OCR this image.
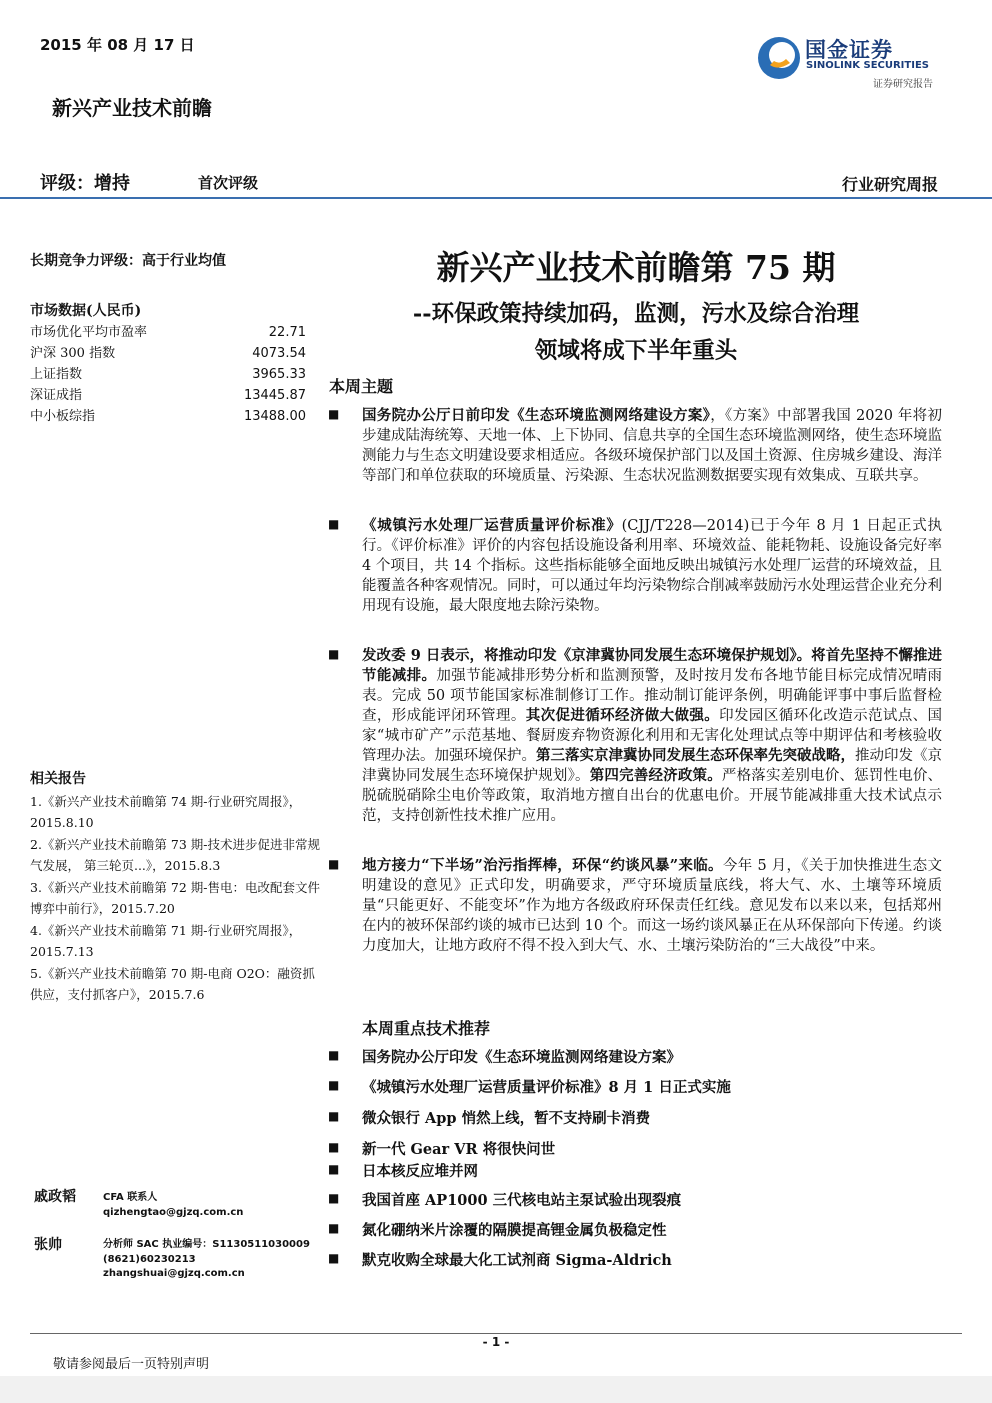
2015 年 08 月 17 日	国金证券
SINOLINK SECURITIES
证券研究报告
新兴产业技术前瞻
评级：增持	首次评级	行业研究周报
长期竞争力评级：高于行业均值
市场数据(人民币)
市场优化平均市盈率	22.71
沪深 300 指数	4073.54
上证指数	3965.33
深证成指	13445.87
中小板综指	13488.00
相关报告
1.《新兴产业技术前瞻第 74 期-行业研究周报》，2015.8.10
2.《新兴产业技术前瞻第 73 期-技术进步促进非常规气发展， 第三轮页...》，2015.8.3
3.《新兴产业技术前瞻第 72 期-售电：电改配套文件博弈中前行》，2015.7.20
4.《新兴产业技术前瞻第 71 期-行业研究周报》，2015.7.13
5.《新兴产业技术前瞻第 70 期-电商 O2O：融资抓供应，支付抓客户》，2015.7.6
戚政韬	CFA 联系人
qizhengtao@gjzq.com.cn
张帅	分析师 SAC 执业编号：S1130511030009
(8621)60230213
zhangshuai@gjzq.com.cn
新兴产业技术前瞻第 75 期
--环保政策持续加码，监测，污水及综合治理
领域将成下半年重头
本周主题
■ 国务院办公厅日前印发《生态环境监测网络建设方案》，《方案》中部署我国 2020 年将初步建成陆海统筹、天地一体、上下协同、信息共享的全国生态环境监测网络，使生态环境监测能力与生态文明建设要求相适应。各级环境保护部门以及国土资源、住房城乡建设、海洋等部门和单位获取的环境质量、污染源、生态状况监测数据要实现有效集成、互联共享。
■ 《城镇污水处理厂运营质量评价标准》(CJJ/T228—2014)已于今年 8 月 1 日起正式执行。《评价标准》评价的内容包括设施设备利用率、环境效益、能耗物耗、设施设备完好率 4 个项目，共 14 个指标。这些指标能够全面地反映出城镇污水处理厂运营的环境效益，且能覆盖各种客观情况。同时，可以通过年均污染物综合削减率鼓励污水处理运营企业充分利用现有设施，最大限度地去除污染物。
■ 发改委 9 日表示，将推动印发《京津冀协同发展生态环境保护规划》。将首先坚持不懈推进节能减排。加强节能减排形势分析和监测预警，及时按月发布各地节能目标完成情况晴雨表。完成 50 项节能国家标准制修订工作。推动制订能评条例，明确能评事中事后监督检查，形成能评闭环管理。其次促进循环经济做大做强。印发园区循环化改造示范试点、国家“城市矿产”示范基地、餐厨废弃物资源化利用和无害化处理试点等中期评估和考核验收管理办法。加强环境保护。第三落实京津冀协同发展生态环保率先突破战略，推动印发《京津冀协同发展生态环境保护规划》。第四完善经济政策。严格落实差别电价、惩罚性电价、脱硫脱硝除尘电价等政策，取消地方擅自出台的优惠电价。开展节能减排重大技术试点示范，支持创新性技术推广应用。
■ 地方接力“下半场”治污指挥棒，环保“约谈风暴”来临。今年 5 月，《关于加快推进生态文明建设的意见》正式印发，明确要求，严守环境质量底线，将大气、水、土壤等环境质量“只能更好、不能变坏”作为地方各级政府环保责任红线。意见发布以来以来，包括郑州在内的被环保部约谈的城市已达到 10 个。而这一场约谈风暴正在从环保部向下传递。约谈力度加大，让地方政府不得不投入到大气、水、土壤污染防治的“三大战役”中来。
本周重点技术推荐
■ 国务院办公厅印发《生态环境监测网络建设方案》
■ 《城镇污水处理厂运营质量评价标准》8 月 1 日正式实施
■ 微众银行 App 悄然上线，暂不支持刷卡消费
■ 新一代 Gear VR 将很快问世
■ 日本核反应堆并网
■ 我国首座 AP1000 三代核电站主泵试验出现裂痕
■ 氮化硼纳米片涂覆的隔膜提高锂金属负极稳定性
■ 默克收购全球最大化工试剂商 Sigma-Aldrich
- 1 -
敬请参阅最后一页特别声明
